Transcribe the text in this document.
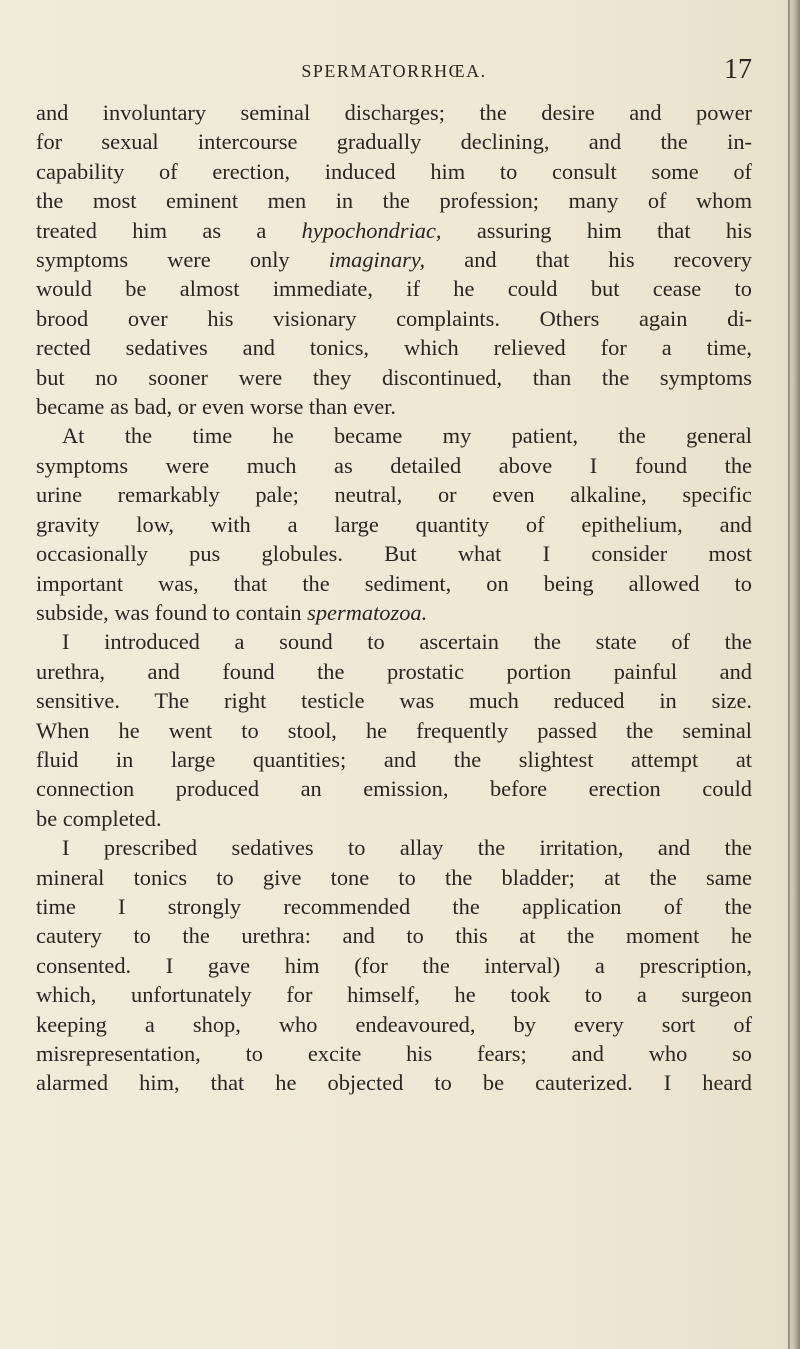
SPERMATORRHŒA.	17
and involuntary seminal discharges; the desire and power
for sexual intercourse gradually declining, and the in-
capability of erection, induced him to consult some of
the most eminent men in the profession; many of whom
treated him as a hypochondriac, assuring him that his
symptoms were only imaginary, and that his recovery
would be almost immediate, if he could but cease to
brood over his visionary complaints. Others again di-
rected sedatives and tonics, which relieved for a time,
but no sooner were they discontinued, than the symptoms
became as bad, or even worse than ever.
At the time he became my patient, the general
symptoms were much as detailed above I found the
urine remarkably pale; neutral, or even alkaline, specific
gravity low, with a large quantity of epithelium, and
occasionally pus globules. But what I consider most
important was, that the sediment, on being allowed to
subside, was found to contain spermatozoa.
I introduced a sound to ascertain the state of the
urethra, and found the prostatic portion painful and
sensitive. The right testicle was much reduced in size.
When he went to stool, he frequently passed the seminal
fluid in large quantities; and the slightest attempt at
connection produced an emission, before erection could
be completed.
I prescribed sedatives to allay the irritation, and the
mineral tonics to give tone to the bladder; at the same
time I strongly recommended the application of the
cautery to the urethra: and to this at the moment he
consented. I gave him (for the interval) a prescription,
which, unfortunately for himself, he took to a surgeon
keeping a shop, who endeavoured, by every sort of
misrepresentation, to excite his fears; and who so
alarmed him, that he objected to be cauterized. I heard
